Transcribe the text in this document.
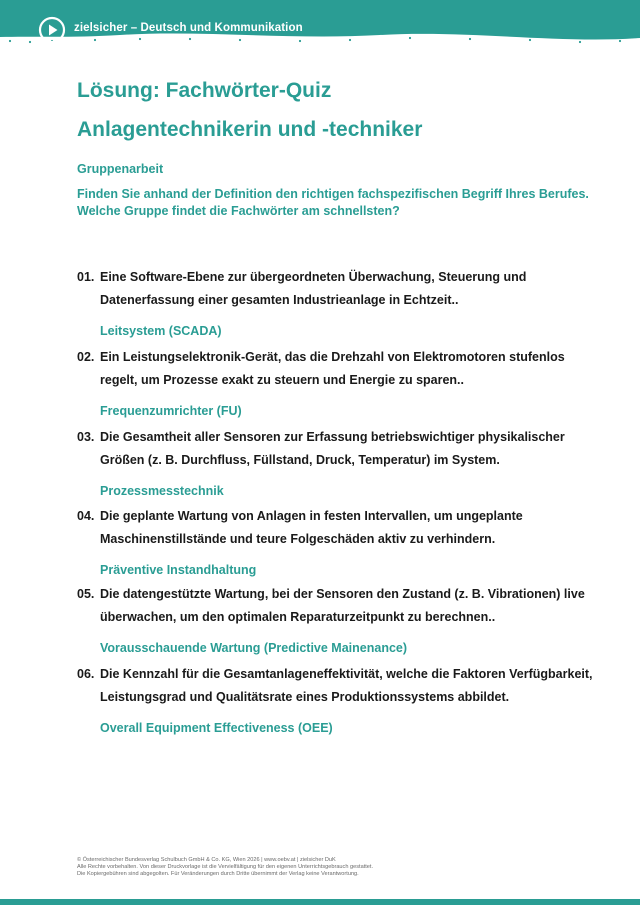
zielsicher – Deutsch und Kommunikation
Lösung: Fachwörter-Quiz
Anlagentechnikerin und -techniker

Gruppenarbeit

Finden Sie anhand der Definition den richtigen fachspezifischen Begriff Ihres Berufes. Welche Gruppe findet die Fachwörter am schnellsten?

01. Eine Software-Ebene zur übergeordneten Überwachung, Steuerung und Datenerfassung einer gesamten Industrieanlage in Echtzeit..
Leitsystem (SCADA)
02. Ein Leistungselektronik-Gerät, das die Drehzahl von Elektromotoren stufenlos regelt, um Prozesse exakt zu steuern und Energie zu sparen..
Frequenzumrichter (FU)
03. Die Gesamtheit aller Sensoren zur Erfassung betriebswichtiger physikalischer Größen (z. B. Durchfluss, Füllstand, Druck, Temperatur) im System.
Prozessmesstechnik
04. Die geplante Wartung von Anlagen in festen Intervallen, um ungeplante Maschinenstillstände und teure Folgeschäden aktiv zu verhindern.
Präventive Instandhaltung
05. Die datengestützte Wartung, bei der Sensoren den Zustand (z. B. Vibrationen) live überwachen, um den optimalen Reparaturzeitpunkt zu berechnen..
Vorausschauende Wartung (Predictive Mainenance)
06. Die Kennzahl für die Gesamtanlageneffektivität, welche die Faktoren Verfügbarkeit, Leistungsgrad und Qualitätsrate eines Produktionssystems abbildet.
Overall Equipment Effectiveness (OEE)
© Österreichischer Bundesverlag Schulbuch GmbH & Co. KG, Wien 2026 | www.oebv.at | zielsicher DuK
Alle Rechte vorbehalten. Von dieser Druckvorlage ist die Vervielfältigung für den eigenen Unterrichtsgebrauch gestattet.
Die Kopiergebühren sind abgegolten. Für Veränderungen durch Dritte übernimmt der Verlag keine Verantwortung.
